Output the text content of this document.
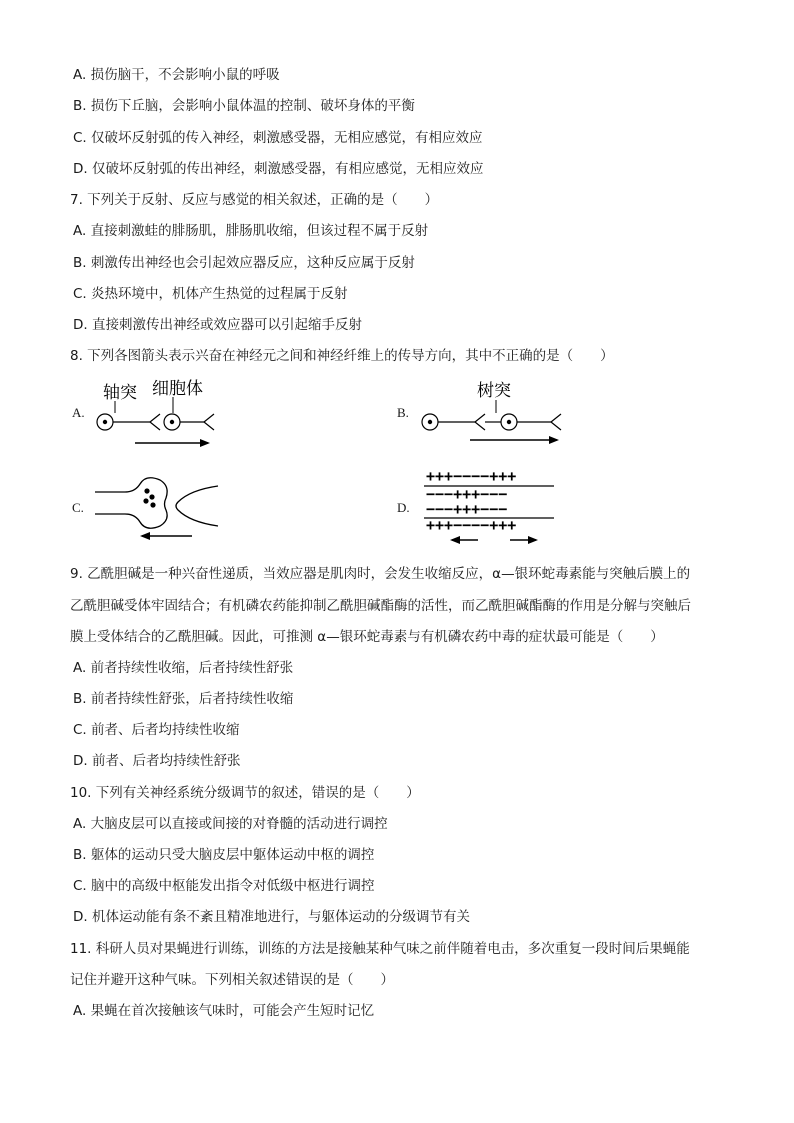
A. 损伤脑干，不会影响小鼠的呼吸
B. 损伤下丘脑，会影响小鼠体温的控制、破坏身体的平衡
C. 仅破坏反射弧的传入神经，刺激感受器，无相应感觉，有相应效应
D. 仅破坏反射弧的传出神经，刺激感受器，有相应感觉，无相应效应
7. 下列关于反射、反应与感觉的相关叙述，正确的是（　　）
A. 直接刺激蛙的腓肠肌，腓肠肌收缩，但该过程不属于反射
B. 刺激传出神经也会引起效应器反应，这种反应属于反射
C. 炎热环境中，机体产生热觉的过程属于反射
D. 直接刺激传出神经或效应器可以引起缩手反射
8. 下列各图箭头表示兴奋在神经元之间和神经纤维上的传导方向，其中不正确的是（　　）
A.	B.
C.	D.
轴突 细胞体	树突
+++−−−−+++
−−−+++−−−
−−−+++−−−
+++−−−−+++
9. 乙酰胆碱是一种兴奋性递质，当效应器是肌肉时，会发生收缩反应，α—银环蛇毒素能与突触后膜上的
乙酰胆碱受体牢固结合；有机磷农药能抑制乙酰胆碱酯酶的活性，而乙酰胆碱酯酶的作用是分解与突触后
膜上受体结合的乙酰胆碱。因此，可推测 α—银环蛇毒素与有机磷农药中毒的症状最可能是（　　）
A. 前者持续性收缩，后者持续性舒张
B. 前者持续性舒张，后者持续性收缩
C. 前者、后者均持续性收缩
D. 前者、后者均持续性舒张
10. 下列有关神经系统分级调节的叙述，错误的是（　　）
A. 大脑皮层可以直接或间接的对脊髓的活动进行调控
B. 躯体的运动只受大脑皮层中躯体运动中枢的调控
C. 脑中的高级中枢能发出指令对低级中枢进行调控
D. 机体运动能有条不紊且精准地进行，与躯体运动的分级调节有关
11. 科研人员对果蝇进行训练，训练的方法是接触某种气味之前伴随着电击，多次重复一段时间后果蝇能
记住并避开这种气味。下列相关叙述错误的是（　　）
A. 果蝇在首次接触该气味时，可能会产生短时记忆
